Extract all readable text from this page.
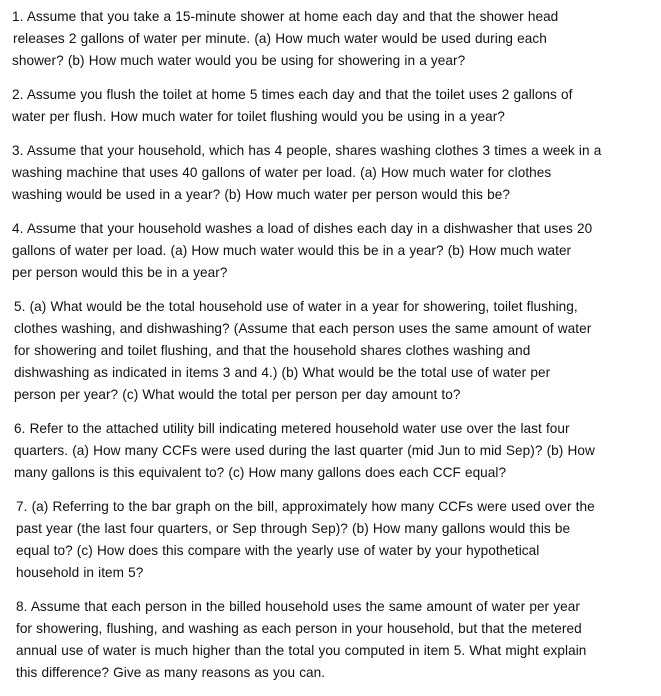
1. Assume that you take a 15-minute shower at home each day and that the shower head
releases 2 gallons of water per minute. (a) How much water would be used during each
shower? (b) How much water would you be using for showering in a year?
2. Assume you flush the toilet at home 5 times each day and that the toilet uses 2 gallons of
water per flush. How much water for toilet flushing would you be using in a year?
3. Assume that your household, which has 4 people, shares washing clothes 3 times a week in a
washing machine that uses 40 gallons of water per load. (a) How much water for clothes
washing would be used in a year? (b) How much water per person would this be?
4. Assume that your household washes a load of dishes each day in a dishwasher that uses 20
gallons of water per load. (a) How much water would this be in a year? (b) How much water
per person would this be in a year?
5. (a) What would be the total household use of water in a year for showering, toilet flushing,
clothes washing, and dishwashing? (Assume that each person uses the same amount of water
for showering and toilet flushing, and that the household shares clothes washing and
dishwashing as indicated in items 3 and 4.) (b) What would be the total use of water per
person per year? (c) What would the total per person per day amount to?
6. Refer to the attached utility bill indicating metered household water use over the last four
quarters. (a) How many CCFs were used during the last quarter (mid Jun to mid Sep)? (b) How
many gallons is this equivalent to? (c) How many gallons does each CCF equal?
7. (a) Referring to the bar graph on the bill, approximately how many CCFs were used over the
past year (the last four quarters, or Sep through Sep)? (b) How many gallons would this be
equal to? (c) How does this compare with the yearly use of water by your hypothetical
household in item 5?
8. Assume that each person in the billed household uses the same amount of water per year
for showering, flushing, and washing as each person in your household, but that the metered
annual use of water is much higher than the total you computed in item 5. What might explain
this difference? Give as many reasons as you can.
